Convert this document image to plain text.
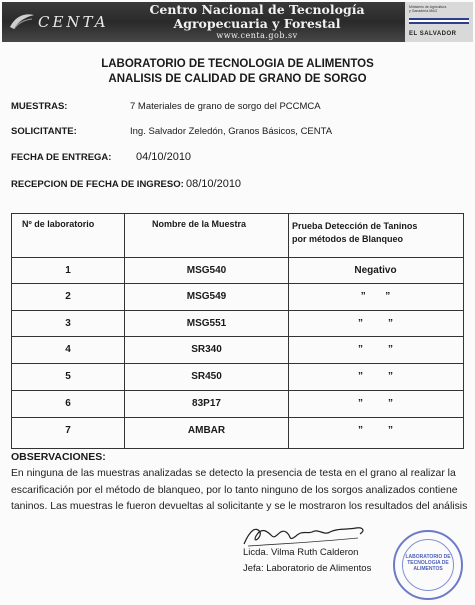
CENTA
Centro Nacional de Tecnología
Agropecuaria y Forestal
www.centa.gob.sv
Ministerio de Agricultura y Ganadería MAG
EL SALVADOR
LABORATORIO DE TECNOLOGIA DE ALIMENTOS
ANALISIS DE CALIDAD DE GRANO DE SORGO
MUESTRAS:	7 Materiales de grano de sorgo del PCCMCA
SOLICITANTE:	Ing. Salvador Zeledón, Granos Básicos, CENTA
FECHA DE ENTREGA: 04/10/2010
RECEPCION DE FECHA DE INGRESO: 08/10/2010
Nº de laboratorio	Nombre de la Muestra	Prueba Detección de Taninos
por métodos de Blanqueo
1	MSG540	Negativo
2	MSG549	”       ”
3	MSG551	”         ”
4	SR340	”         ”
5	SR450	”         ”
6	83P17	”         ”
7	AMBAR	”         ”
OBSERVACIONES:
En ninguna de las muestras analizadas se detecto la presencia de testa en el grano al realizar la escarificación por el método de blanqueo, por lo tanto ninguno de los sorgos analizados contiene taninos. Las muestras le fueron devueltas al solicitante y se le mostraron los resultados del análisis
Licda. Vilma Ruth Calderon
Jefa: Laboratorio de Alimentos
LABORATORIO DE TECNOLOGIA DE ALIMENTOS
